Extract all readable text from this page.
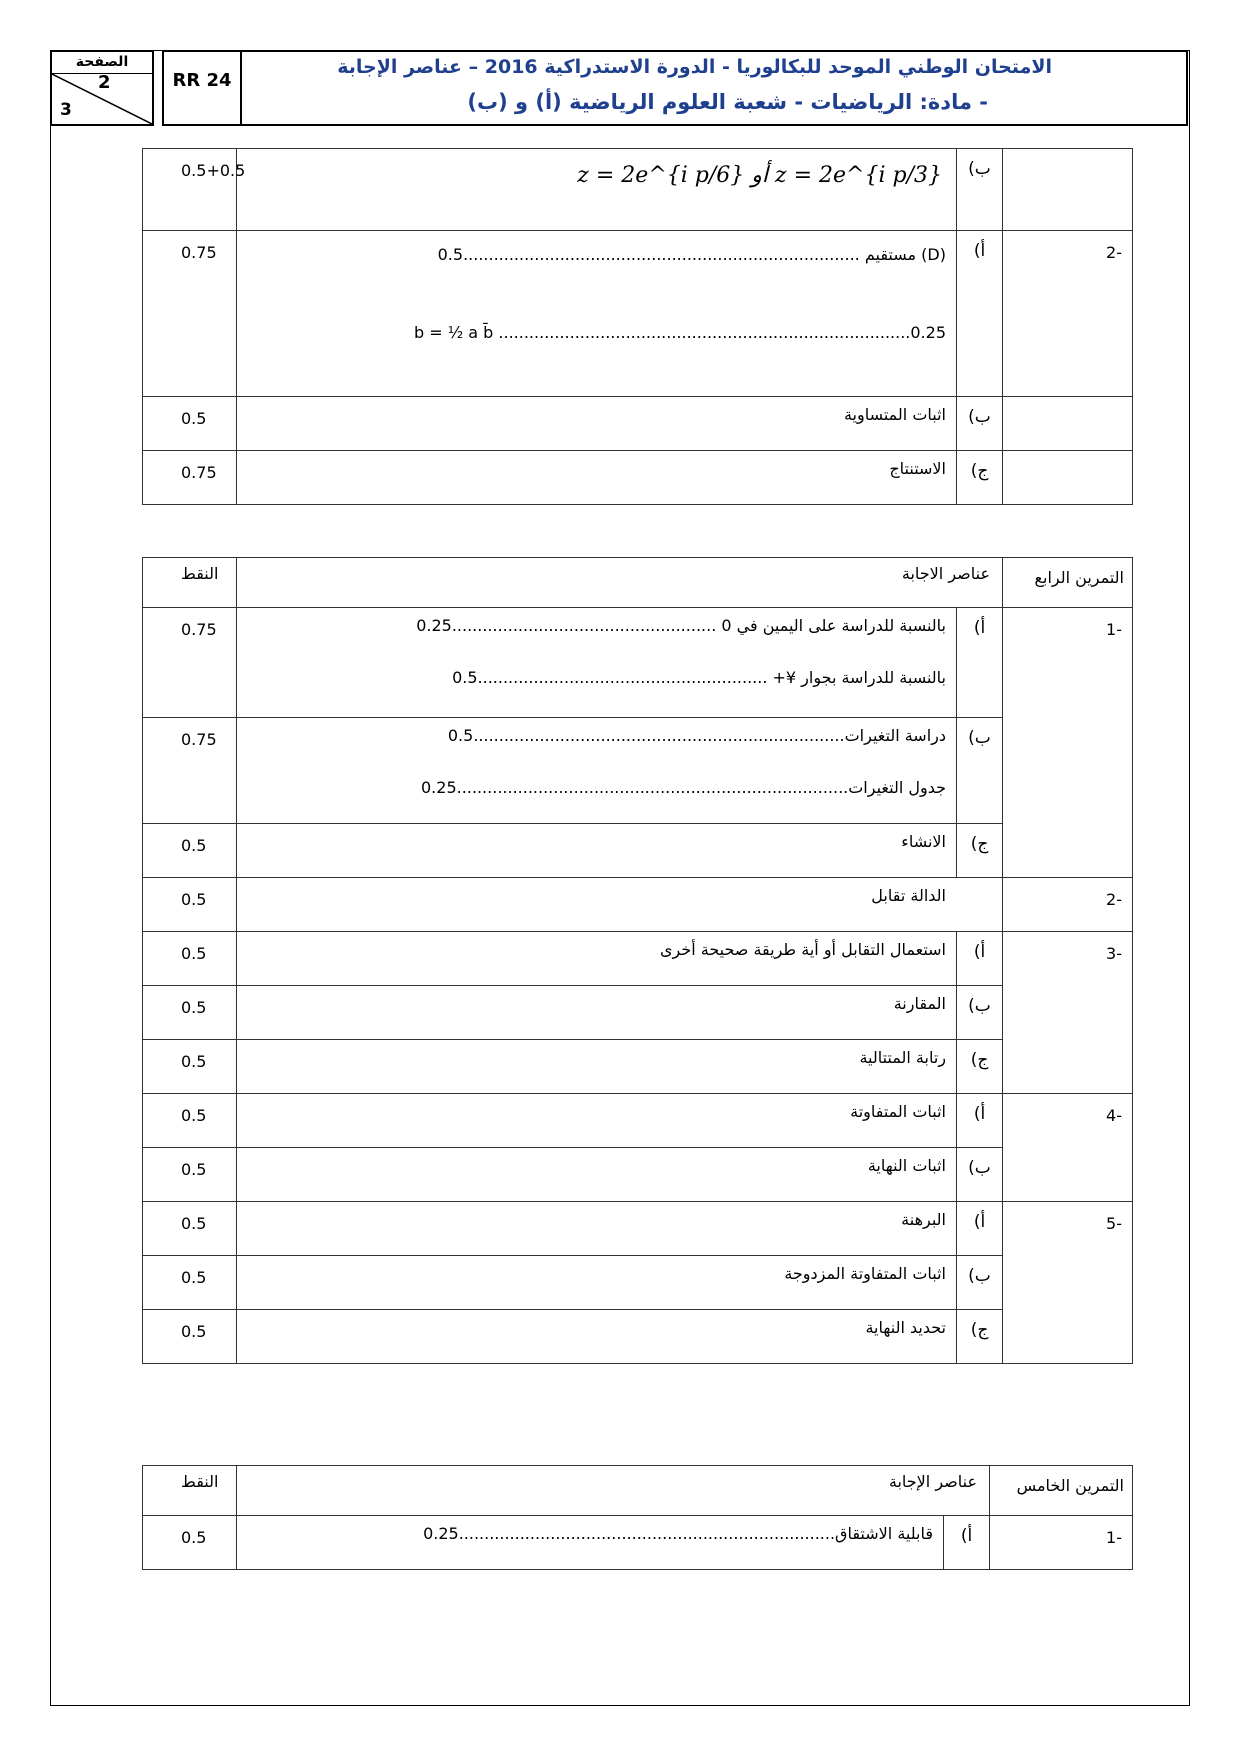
الصفحة
2
3
RR 24
الامتحان الوطني الموحد للبكالوريا - الدورة الاستدراكية 2016 – عناصر الإجابة
- مادة: الرياضيات - شعبة العلوم الرياضية (أ) و (ب)
	ب)	z = 2e^{i p/3} أو z = 2e^{i p/6}	0.5+0.5
-2	أ)	(D) مستقيم ..............................................................................0.5
b = ½ a b̄ .................................................................................0.25	0.75
	ب)	اثبات المتساوية	0.5
	ج)	الاستنتاج	0.75
التمرين الرابع	عناصر الاجابة		النقط
-1	أ)	بالنسبة للدراسة على اليمين في 0 ....................................................0.25
بالنسبة للدراسة بجوار ¥+ .........................................................0.5	0.75
	ب)	دراسة التغيرات.........................................................................0.5
جدول التغيرات.............................................................................0.25	0.75
	ج)	الانشاء	0.5
-2	الدالة تقابل		0.5
-3	أ)	استعمال التقابل أو أية طريقة صحيحة أخرى	0.5
	ب)	المقارنة	0.5
	ج)	رتابة المتتالية	0.5
-4	أ)	اثبات المتفاوتة	0.5
	ب)	اثبات النهاية	0.5
-5	أ)	البرهنة	0.5
	ب)	اثبات المتفاوتة المزدوجة	0.5
	ج)	تحديد النهاية	0.5
التمرين الخامس	عناصر الإجابة		النقط
-1	أ)	قابلية الاشتقاق..........................................................................0.25	0.5
